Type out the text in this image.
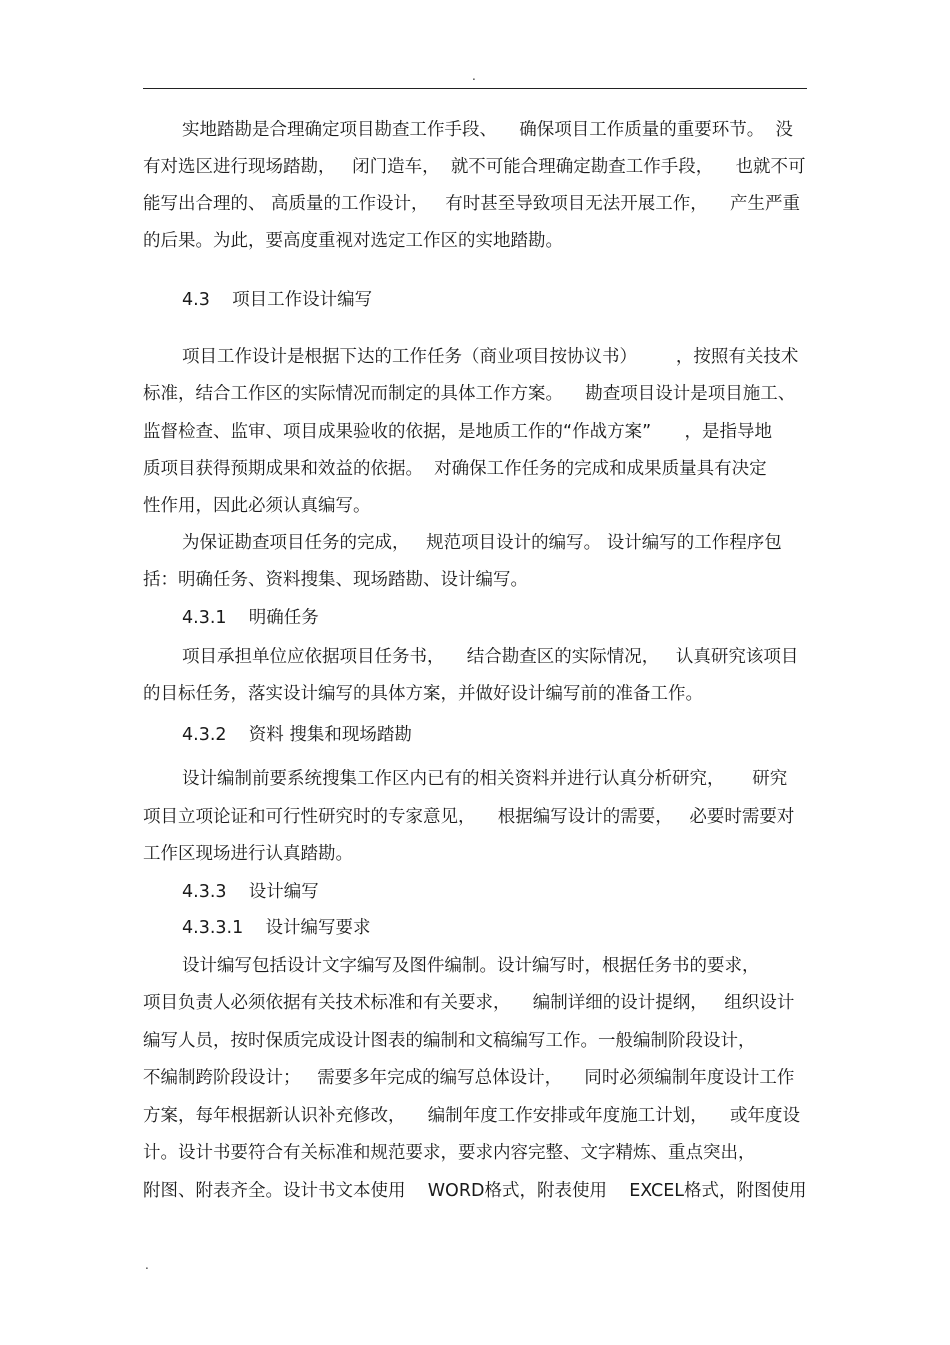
.
实地踏勘是合理确定项目勘查工作手段、    确保项目工作质量的重要环节。  没
有对选区进行现场踏勘，   闭门造车，  就不可能合理确定勘查工作手段，    也就不可
能写出合理的、 高质量的工作设计，   有时甚至导致项目无法开展工作，    产生严重
的后果。为此，要高度重视对选定工作区的实地踏勘。
4.3    项目工作设计编写
项目工作设计是根据下达的工作任务（商业项目按协议书）       ，按照有关技术
标准，结合工作区的实际情况而制定的具体工作方案。    勘查项目设计是项目施工、
监督检查、监审、项目成果验收的依据，是地质工作的“作战方案”      ，是指导地
质项目获得预期成果和效益的依据。  对确保工作任务的完成和成果质量具有决定
性作用，因此必须认真编写。
为保证勘查项目任务的完成，   规范项目设计的编写。 设计编写的工作程序包
括：明确任务、资料搜集、现场踏勘、设计编写。
4.3.1    明确任务
项目承担单位应依据项目任务书，    结合勘查区的实际情况，   认真研究该项目
的目标任务，落实设计编写的具体方案，并做好设计编写前的准备工作。
4.3.2    资料 搜集和现场踏勘
设计编制前要系统搜集工作区内已有的相关资料并进行认真分析研究，     研究
项目立项论证和可行性研究时的专家意见，    根据编写设计的需要，   必要时需要对
工作区现场进行认真踏勘。
4.3.3    设计编写
4.3.3.1    设计编写要求
设计编写包括设计文字编写及图件编制。设计编写时，根据任务书的要求，
项目负责人必须依据有关技术标准和有关要求，    编制详细的设计提纲，   组织设计
编写人员，按时保质完成设计图表的编制和文稿编写工作。一般编制阶段设计，
不编制跨阶段设计；   需要多年完成的编写总体设计，    同时必须编制年度设计工作
方案，每年根据新认识补充修改，    编制年度工作安排或年度施工计划，    或年度设
计。设计书要符合有关标准和规范要求，要求内容完整、文字精炼、重点突出，
附图、附表齐全。设计书文本使用    WORD格式，附表使用    EXCEL格式，附图使用
.
